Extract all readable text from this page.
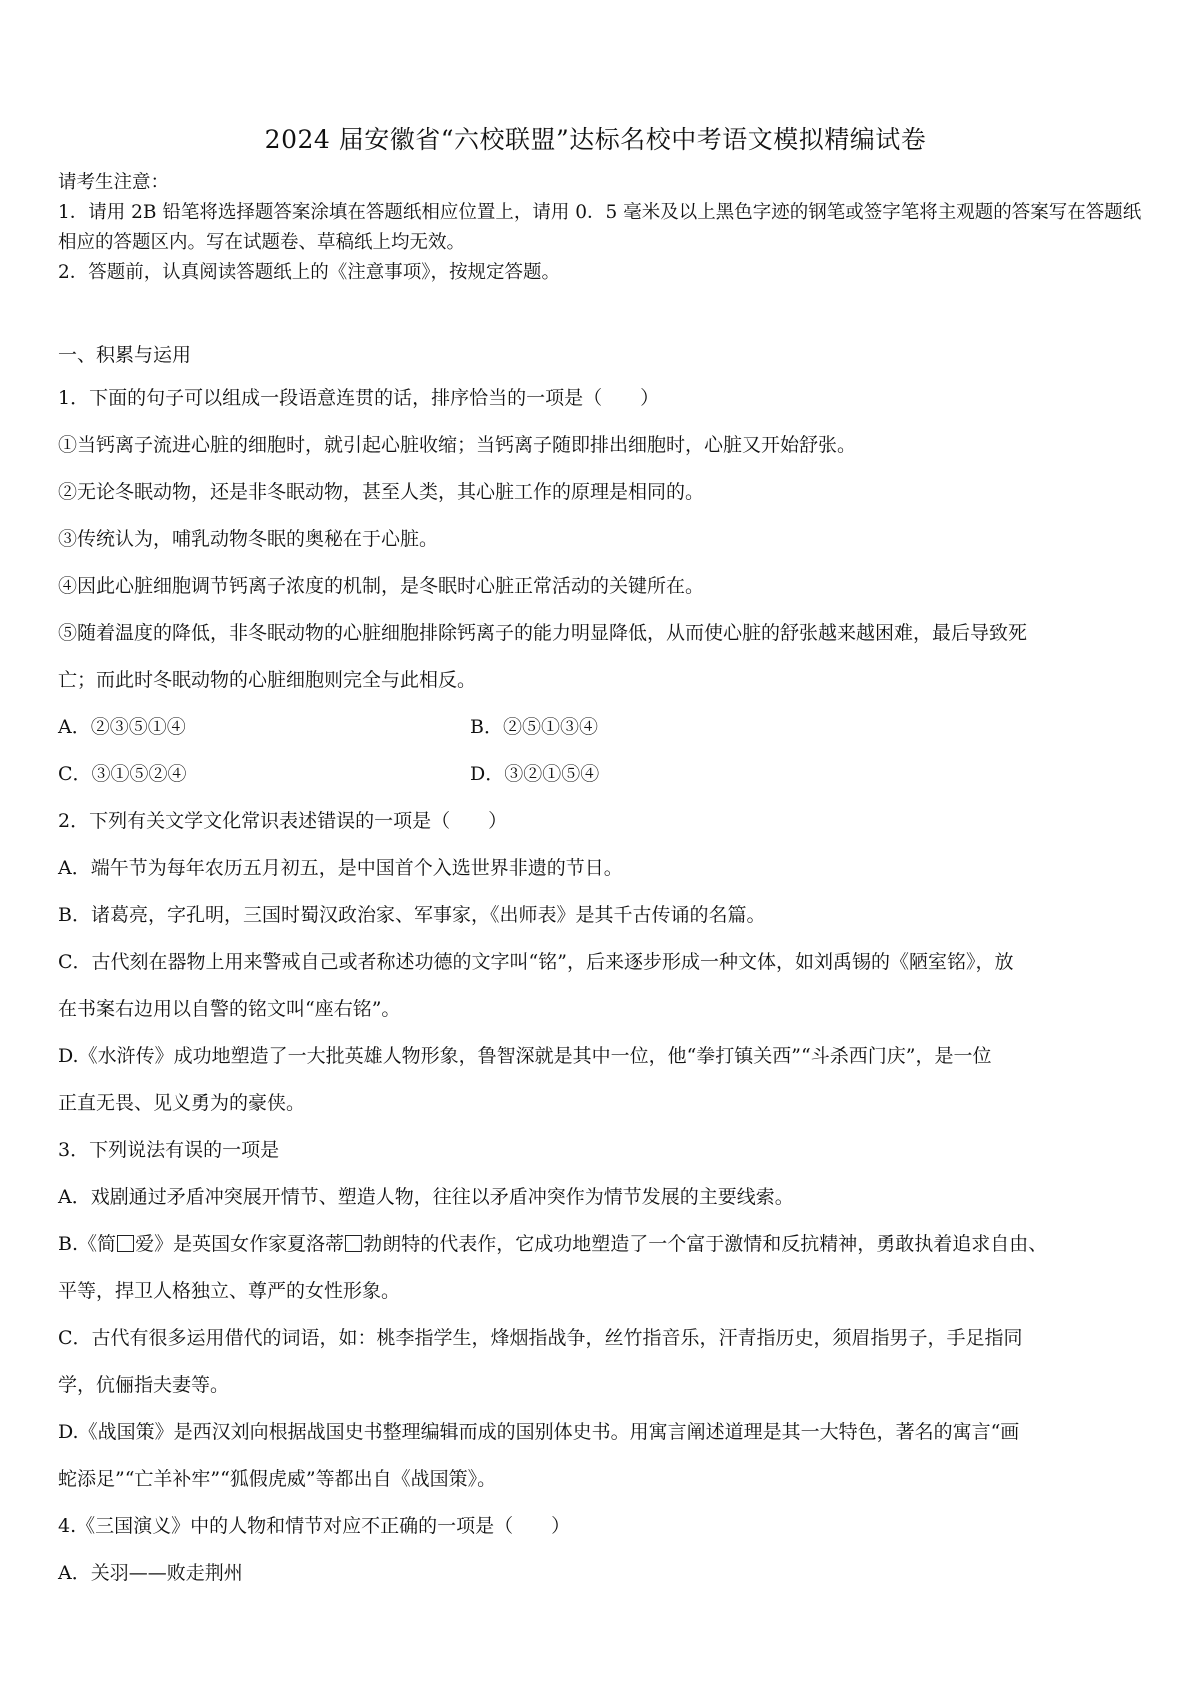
2024 届安徽省“六校联盟”达标名校中考语文模拟精编试卷

请考生注意：

1．请用 2B 铅笔将选择题答案涂填在答题纸相应位置上，请用 0．5 毫米及以上黑色字迹的钢笔或签字笔将主观题的答案写在答题纸相应的答题区内。写在试题卷、草稿纸上均无效。

2．答题前，认真阅读答题纸上的《注意事项》，按规定答题。

一、积累与运用

1．下面的句子可以组成一段语意连贯的话，排序恰当的一项是（　　）

①当钙离子流进心脏的细胞时，就引起心脏收缩；当钙离子随即排出细胞时，心脏又开始舒张。

②无论冬眠动物，还是非冬眠动物，甚至人类，其心脏工作的原理是相同的。

③传统认为，哺乳动物冬眠的奥秘在于心脏。

④因此心脏细胞调节钙离子浓度的机制，是冬眠时心脏正常活动的关键所在。

⑤随着温度的降低，非冬眠动物的心脏细胞排除钙离子的能力明显降低，从而使心脏的舒张越来越困难，最后导致死

亡；而此时冬眠动物的心脏细胞则完全与此相反。

A．②③⑤①④	B．②⑤①③④
C．③①⑤②④	D．③②①⑤④

2．下列有关文学文化常识表述错误的一项是（　　）

A．端午节为每年农历五月初五，是中国首个入选世界非遗的节日。

B．诸葛亮，字孔明，三国时蜀汉政治家、军事家，《出师表》是其千古传诵的名篇。

C．古代刻在器物上用来警戒自己或者称述功德的文字叫“铭”，后来逐步形成一种文体，如刘禹锡的《陋室铭》，放

在书案右边用以自警的铭文叫“座右铭”。

D.《水浒传》成功地塑造了一大批英雄人物形象，鲁智深就是其中一位，他“拳打镇关西”“斗杀西门庆”，是一位

正直无畏、见义勇为的豪侠。

3．下列说法有误的一项是

A．戏剧通过矛盾冲突展开情节、塑造人物，往往以矛盾冲突作为情节发展的主要线索。

B.《简 爱》是英国女作家夏洛蒂 勃朗特的代表作，它成功地塑造了一个富于激情和反抗精神，勇敢执着追求自由、

平等，捍卫人格独立、尊严的女性形象。

C．古代有很多运用借代的词语，如：桃李指学生，烽烟指战争，丝竹指音乐，汗青指历史，须眉指男子，手足指同

学，伉俪指夫妻等。

D.《战国策》是西汉刘向根据战国史书整理编辑而成的国别体史书。用寓言阐述道理是其一大特色，著名的寓言“画

蛇添足”“亡羊补牢”“狐假虎威”等都出自《战国策》。

4.《三国演义》中的人物和情节对应不正确的一项是（　　）

A．关羽——败走荆州
